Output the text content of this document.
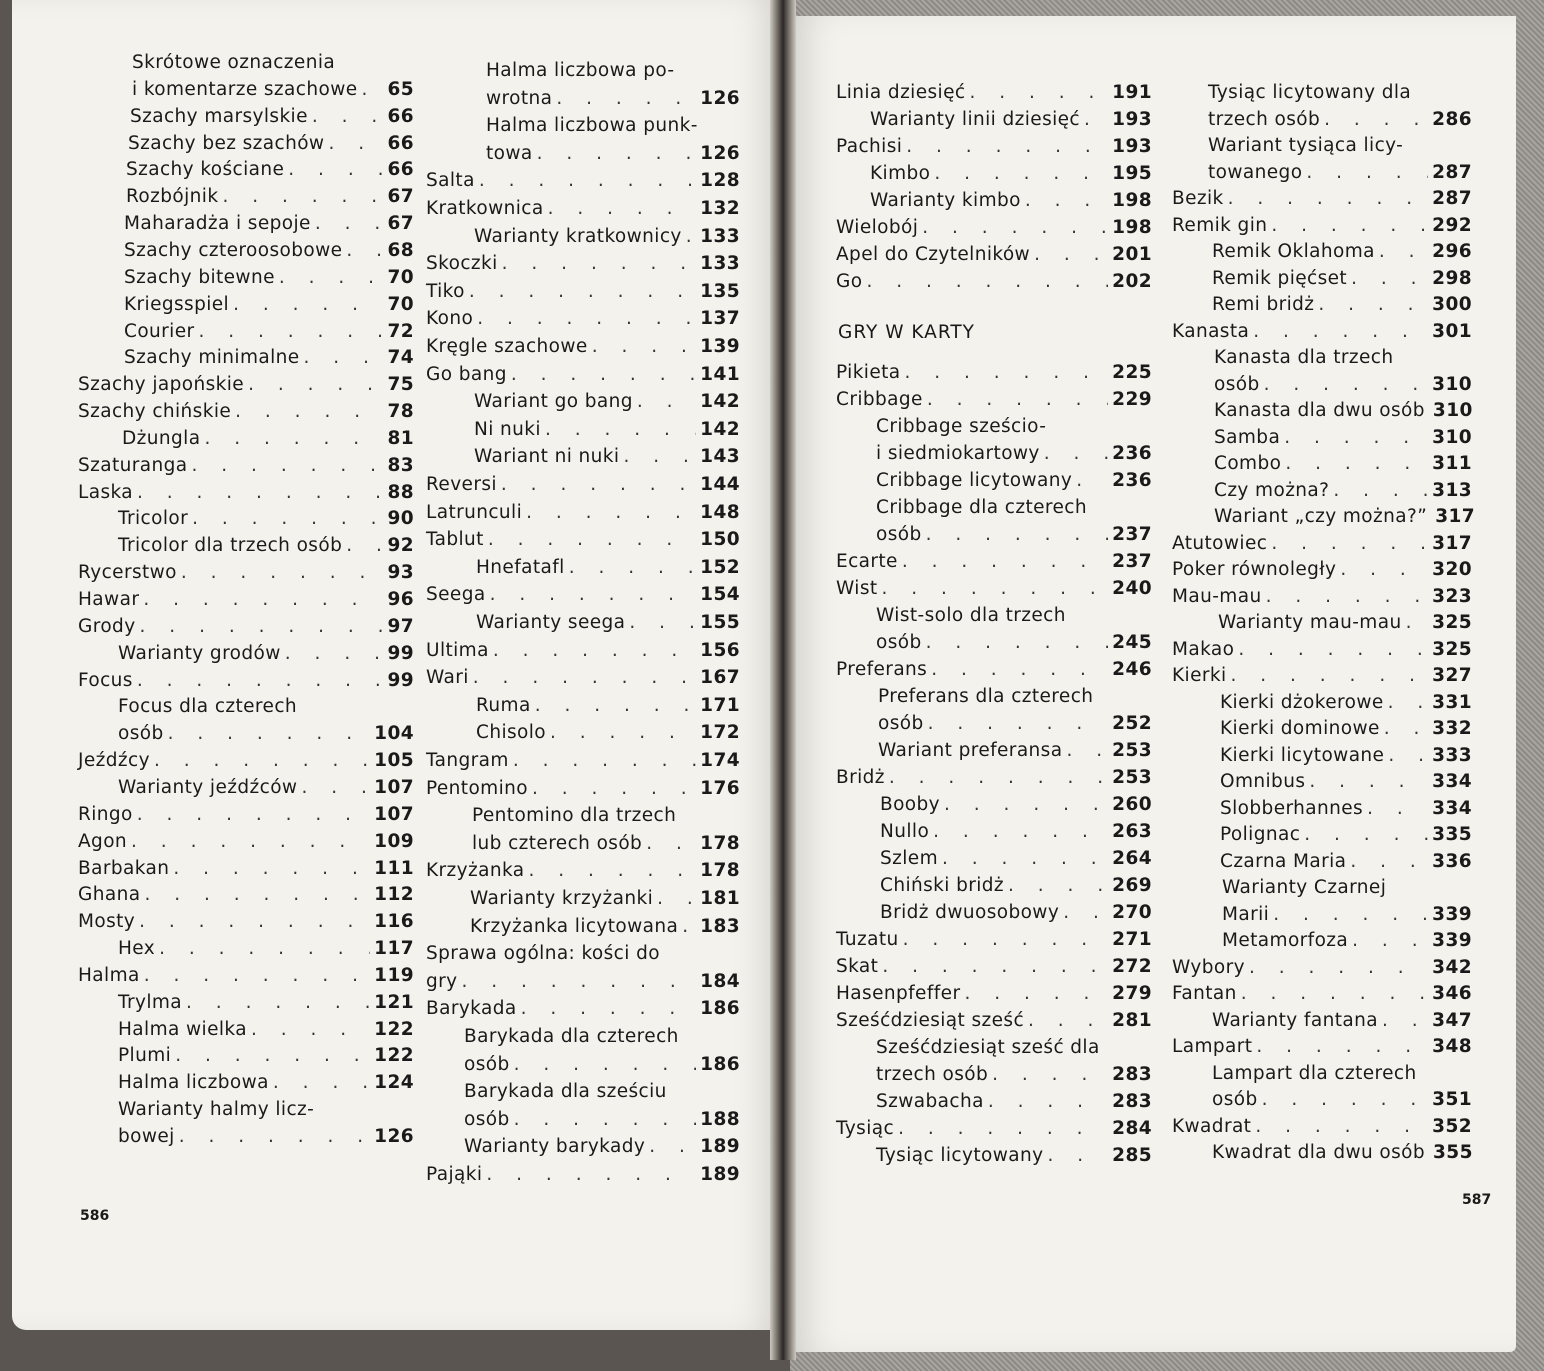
GRY W KARTY
586
587
Skrótowe oznaczenia
i komentarze szachowe . . . 65
Szachy marsylskie . . .	66
Szachy bez szachów . . .	66
Szachy kościane . . .	66
Rozbójnik . . .	67
Maharadża i sepoje . . .	67
Szachy czteroosobowe . . . 68
Szachy bitewne . . .	70
Kriegsspiel . . .	70
Courier . . .	72
Szachy minimalne . . .	74
Szachy japońskie . . .	75
Szachy chińskie . . .	78
Dżungla . . .	81
Szaturanga . . .	83
Laska . . .	88
Tricolor . . .	90
Tricolor dla trzech osób . . . 92
Rycerstwo . . .	93
Hawar . . .	96
Grody . . .	97
Warianty grodów . . .	99
Focus . . .	99
Focus dla czterech
osób . . .	104
Jeźdźcy . . .	105
Warianty jeźdźców . . .	107
Ringo . . .	107
Agon . . .	109
Barbakan . . .	111
Ghana . . .	112
Mosty . . .	116
Hex . . .	117
Halma . . .	119
Trylma . . .	121
Halma wielka . . .	122
Plumi . . .	122
Halma liczbowa . . .	124
Warianty halmy licz-
bowej . . .	126
Halma liczbowa po-
wrotna . . .	126
Halma liczbowa punk-
towa . . .	126
Salta . . .	128
Kratkownica . . .	132
Warianty kratkownicy . . . 133
Skoczki . . .	133
Tiko . . .	135
Kono . . .	137
Kręgle szachowe . . .	139
Go bang . . .	141
Wariant go bang . . .	142
Ni nuki . . .	142
Wariant ni nuki . . .	143
Reversi . . .	144
Latrunculi . . .	148
Tablut . . .	150
Hnefatafl . . .	152
Seega . . .	154
Warianty seega . . .	155
Ultima . . .	156
Wari . . .	167
Ruma . . .	171
Chisolo . . .	172
Tangram . . .	174
Pentomino . . .	176
Pentomino dla trzech
lub czterech osób . . .	178
Krzyżanka . . .	178
Warianty krzyżanki . . .	181
Krzyżanka licytowana . . . 183
Sprawa ogólna: kości do
gry . . .	184
Barykada . . .	186
Barykada dla czterech
osób . . .	186
Barykada dla sześciu
osób . . .	188
Warianty barykady . . .	189
Pająki . . .	189
Linia dziesięć . . .	191
Warianty linii dziesięć . . . 193
Pachisi . . .	193
Kimbo . . .	195
Warianty kimbo . . .	198
Wielobój . . .	198
Apel do Czytelników . . .	201
Go . . .	202
Pikieta . . .	225
Cribbage . . .	229
Cribbage sześcio-
i siedmiokartowy . . .	236
Cribbage licytowany . . . 236
Cribbage dla czterech
osób . . .	237
Ecarte . . .	237
Wist . . .	240
Wist-solo dla trzech
osób . . .	245
Preferans . . .	246
Preferans dla czterech
osób . . .	252
Wariant preferansa . . .	253
Bridż . . .	253
Booby . . .	260
Nullo . . .	263
Szlem . . .	264
Chiński bridż . . .	269
Bridż dwuosobowy . . .	270
Tuzatu . . .	271
Skat . . .	272
Hasenpfeffer . . .	279
Sześćdziesiąt sześć . . .	281
Sześćdziesiąt sześć dla
trzech osób . . .	283
Szwabacha . . .	283
Tysiąc . . .	284
Tysiąc licytowany . . .	285
Tysiąc licytowany dla
trzech osób . . .	286
Wariant tysiąca licy-
towanego . . .	287
Bezik . . .	287
Remik gin . . .	292
Remik Oklahoma . . .	296
Remik pięćset . . .	298
Remi bridż . . .	300
Kanasta . . .	301
Kanasta dla trzech
osób . . .	310
Kanasta dla dwu osób 310
Samba . . .	310
Combo . . .	311
Czy można? . . .	313
Wariant „czy można?” 317
Atutowiec . . .	317
Poker równoległy . . .	320
Mau-mau . . .	323
Warianty mau-mau . . . 325
Makao . . .	325
Kierki . . .	327
Kierki dżokerowe . . .	331
Kierki dominowe . . .	332
Kierki licytowane . . .	333
Omnibus . . .	334
Slobberhannes . . .	334
Polignac . . .	335
Czarna Maria . . .	336
Warianty Czarnej
Marii . . .	339
Metamorfoza . . .	339
Wybory . . .	342
Fantan . . .	346
Warianty fantana . . .	347
Lampart . . .	348
Lampart dla czterech
osób . . .	351
Kwadrat . . .	352
Kwadrat dla dwu osób 355
